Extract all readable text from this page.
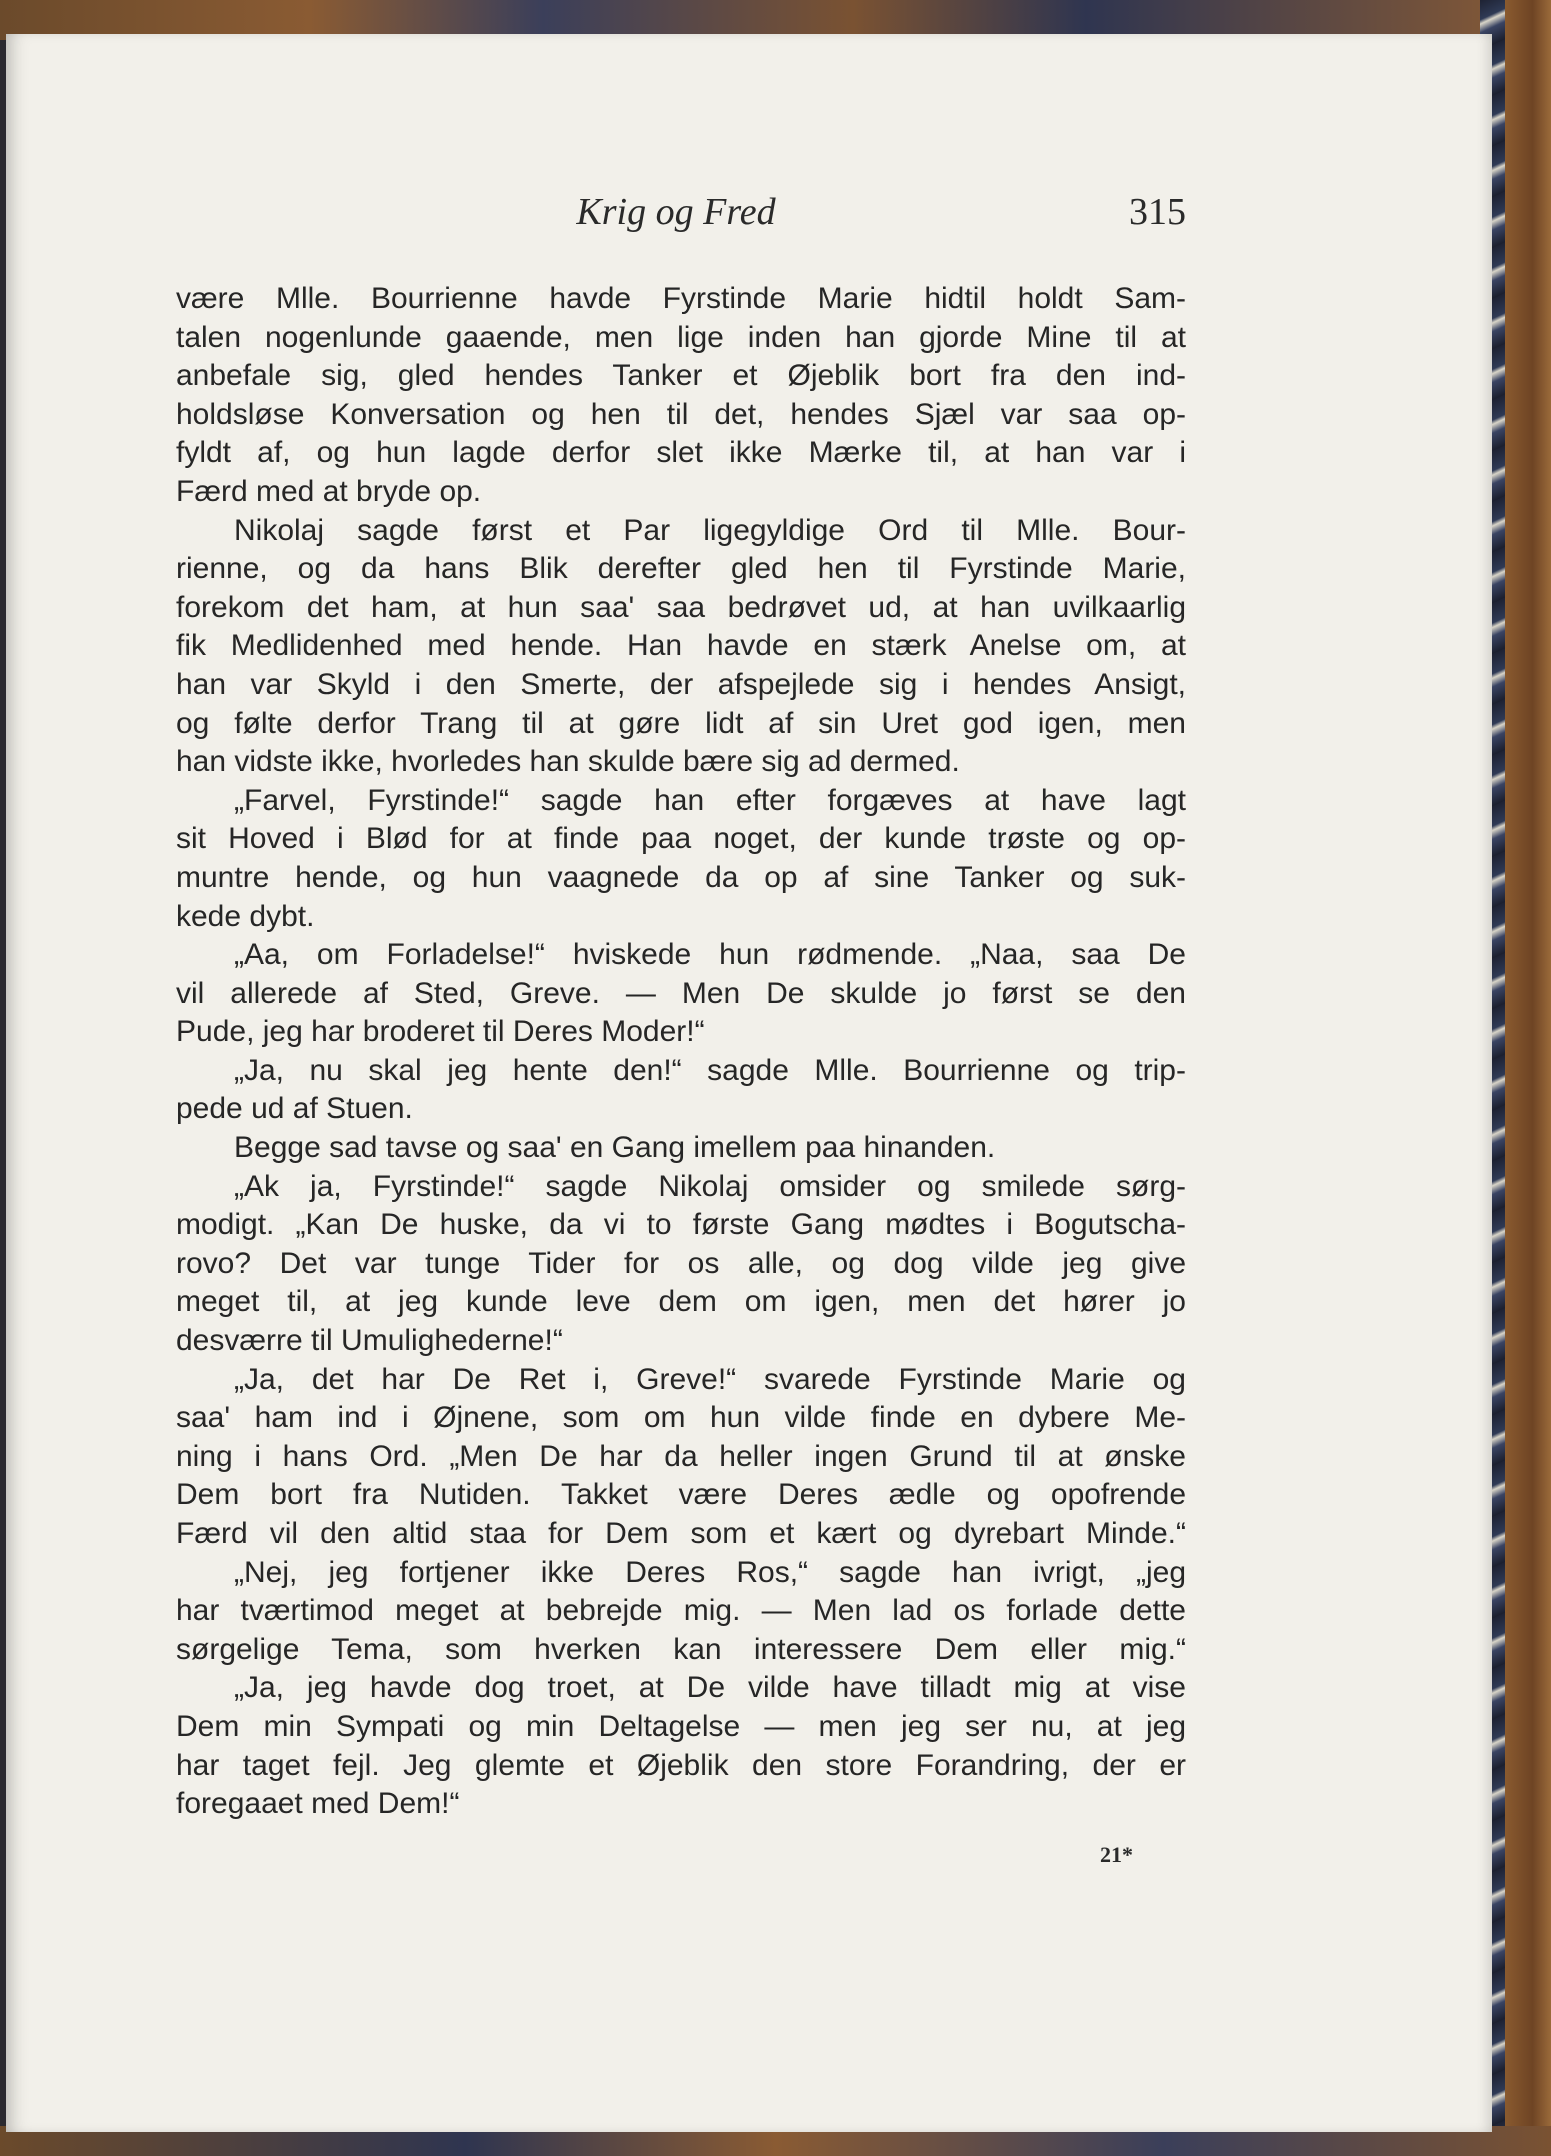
Krig og Fred	315
være Mlle. Bourrienne havde Fyrstinde Marie hidtil holdt Sam-
talen nogenlunde gaaende, men lige inden han gjorde Mine til at
anbefale sig, gled hendes Tanker et Øjeblik bort fra den ind-
holdsløse Konversation og hen til det, hendes Sjæl var saa op-
fyldt af, og hun lagde derfor slet ikke Mærke til, at han var i
Færd med at bryde op.
Nikolaj sagde først et Par ligegyldige Ord til Mlle. Bour-
rienne, og da hans Blik derefter gled hen til Fyrstinde Marie,
forekom det ham, at hun saa' saa bedrøvet ud, at han uvilkaarlig
fik Medlidenhed med hende. Han havde en stærk Anelse om, at
han var Skyld i den Smerte, der afspejlede sig i hendes Ansigt,
og følte derfor Trang til at gøre lidt af sin Uret god igen, men
han vidste ikke, hvorledes han skulde bære sig ad dermed.
„Farvel, Fyrstinde!“ sagde han efter forgæves at have lagt
sit Hoved i Blød for at finde paa noget, der kunde trøste og op-
muntre hende, og hun vaagnede da op af sine Tanker og suk-
kede dybt.
„Aa, om Forladelse!“ hviskede hun rødmende. „Naa, saa De
vil allerede af Sted, Greve. — Men De skulde jo først se den
Pude, jeg har broderet til Deres Moder!“
„Ja, nu skal jeg hente den!“ sagde Mlle. Bourrienne og trip-
pede ud af Stuen.
Begge sad tavse og saa' en Gang imellem paa hinanden.
„Ak ja, Fyrstinde!“ sagde Nikolaj omsider og smilede sørg-
modigt. „Kan De huske, da vi to første Gang mødtes i Bogutscha-
rovo? Det var tunge Tider for os alle, og dog vilde jeg give
meget til, at jeg kunde leve dem om igen, men det hører jo
desværre til Umulighederne!“
„Ja, det har De Ret i, Greve!“ svarede Fyrstinde Marie og
saa' ham ind i Øjnene, som om hun vilde finde en dybere Me-
ning i hans Ord. „Men De har da heller ingen Grund til at ønske
Dem bort fra Nutiden. Takket være Deres ædle og opofrende
Færd vil den altid staa for Dem som et kært og dyrebart Minde.“
„Nej, jeg fortjener ikke Deres Ros,“ sagde han ivrigt, „jeg
har tværtimod meget at bebrejde mig. — Men lad os forlade dette
sørgelige Tema, som hverken kan interessere Dem eller mig.“
„Ja, jeg havde dog troet, at De vilde have tilladt mig at vise
Dem min Sympati og min Deltagelse — men jeg ser nu, at jeg
har taget fejl. Jeg glemte et Øjeblik den store Forandring, der er
foregaaet med Dem!“
21*
